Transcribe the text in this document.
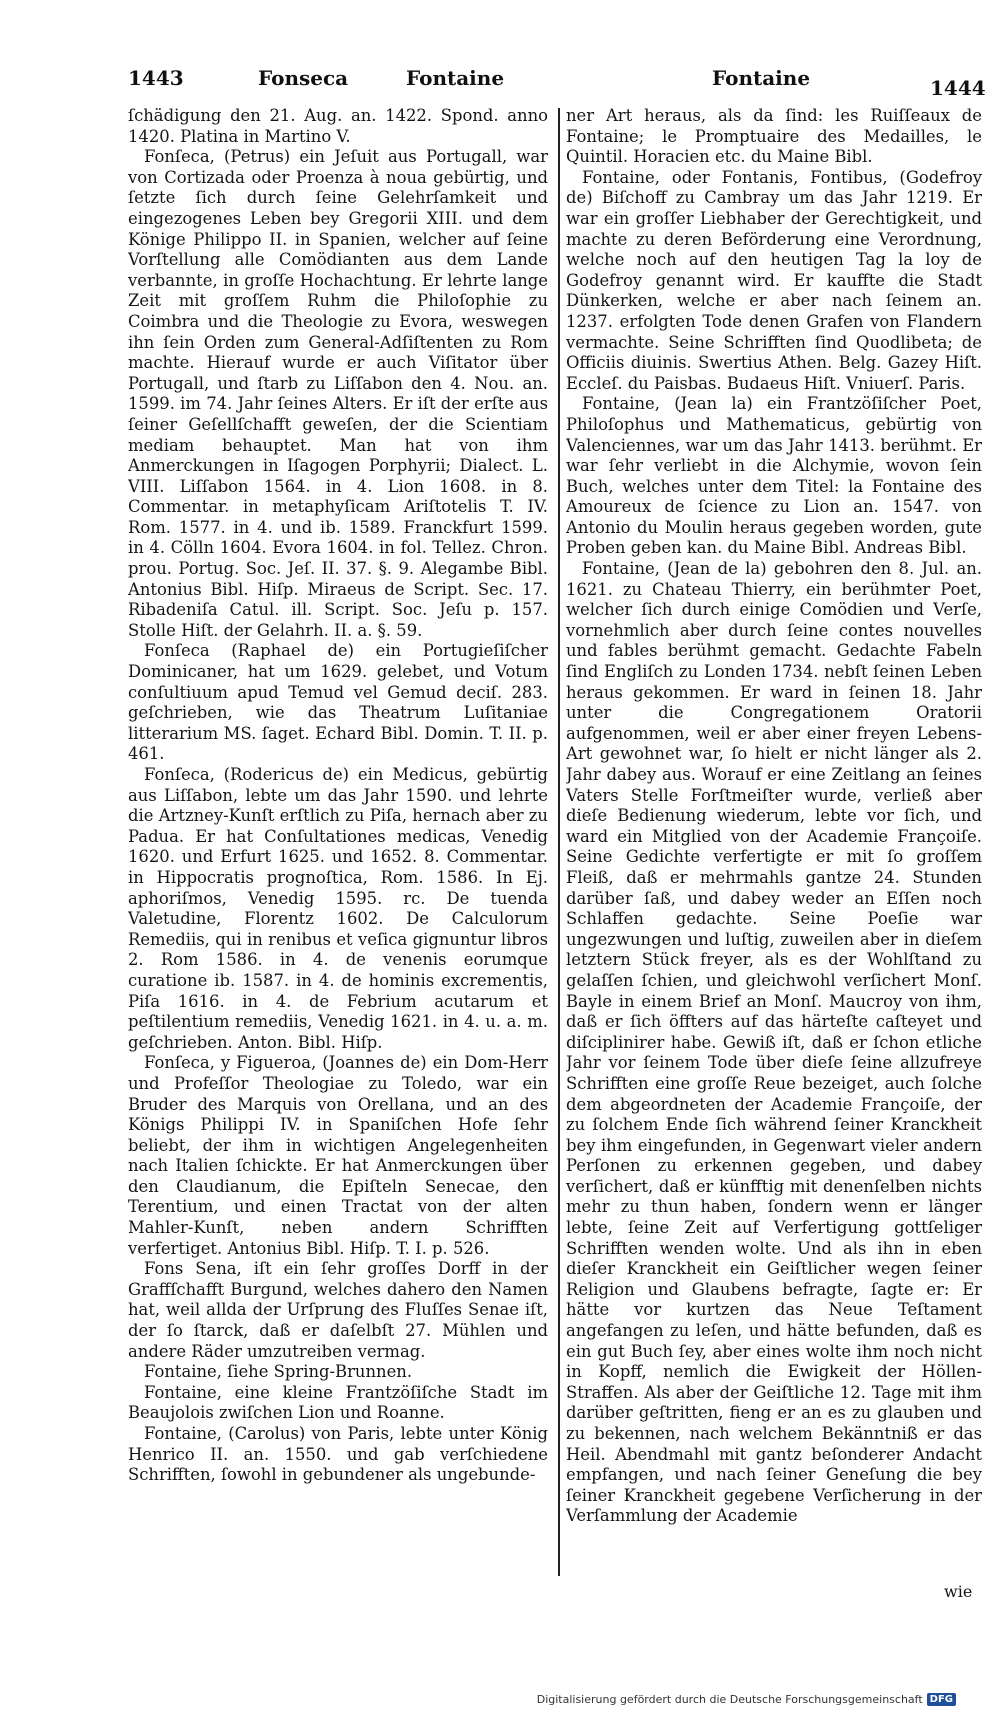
1443	Fonseca	Fontaine	Fontaine	1444

ſchädigung den 21. Aug. an. 1422. Spond. anno 1420. Platina in Martino V.

Fonſeca, (Petrus) ein Jeſuit aus Portugall, war von Cortizada oder Proenza à noua gebürtig, und ſetzte ſich durch ſeine Gelehrſamkeit und eingezogenes Leben bey Gregorii XIII. und dem Könige Philippo II. in Spanien, welcher auf ſeine Vorſtellung alle Comödianten aus dem Lande verbannte, in groſſe Hochachtung. Er lehrte lange Zeit mit groſſem Ruhm die Philoſophie zu Coimbra und die Theologie zu Evora, weswegen ihn ſein Orden zum General-Adſiſtenten zu Rom machte. Hierauf wurde er auch Viſitator über Portugall, und ſtarb zu Liſſabon den 4. Nou. an. 1599. im 74. Jahr ſeines Alters. Er iſt der erſte aus ſeiner Geſellſchafft geweſen, der die Scientiam mediam behauptet. Man hat von ihm Anmerckungen in Iſagogen Porphyrii; Dialect. L. VIII. Liſſabon 1564. in 4. Lion 1608. in 8. Commentar. in metaphyſicam Ariſtotelis T. IV. Rom. 1577. in 4. und ib. 1589. Franckfurt 1599. in 4. Cölln 1604. Evora 1604. in fol. Tellez. Chron. prou. Portug. Soc. Jeſ. II. 37. §. 9. Alegambe Bibl. Antonius Bibl. Hiſp. Miraeus de Script. Sec. 17. Ribadeniſa Catul. ill. Script. Soc. Jeſu p. 157. Stolle Hiſt. der Gelahrh. II. a. §. 59.

Fonſeca (Raphael de) ein Portugieſiſcher Dominicaner, hat um 1629. gelebet, und Votum conſultiuum apud Temud vel Gemud deciſ. 283. geſchrieben, wie das Theatrum Luſitaniae litterarium MS. ſaget. Echard Bibl. Domin. T. II. p. 461.

Fonſeca, (Rodericus de) ein Medicus, gebürtig aus Liſſabon, lebte um das Jahr 1590. und lehrte die Artzney-Kunſt erſtlich zu Piſa, hernach aber zu Padua. Er hat Conſultationes medicas, Venedig 1620. und Erfurt 1625. und 1652. 8. Commentar. in Hippocratis prognoſtica, Rom. 1586. In Ej. aphoriſmos, Venedig 1595. rc. De tuenda Valetudine, Florentz 1602. De Calculorum Remediis, qui in renibus et veſica gignuntur libros 2. Rom 1586. in 4. de venenis eorumque curatione ib. 1587. in 4. de hominis excrementis, Piſa 1616. in 4. de Febrium acutarum et peſtilentium remediis, Venedig 1621. in 4. u. a. m. geſchrieben. Anton. Bibl. Hiſp.

Fonſeca, y Figueroa, (Joannes de) ein Dom-Herr und Profeſſor Theologiae zu Toledo, war ein Bruder des Marquis von Orellana, und an des Königs Philippi IV. in Spaniſchen Hofe ſehr beliebt, der ihm in wichtigen Angelegenheiten nach Italien ſchickte. Er hat Anmerckungen über den Claudianum, die Epiſteln Senecae, den Terentium, und einen Tractat von der alten Mahler-Kunſt, neben andern Schrifften verfertiget. Antonius Bibl. Hiſp. T. I. p. 526.

Fons Sena, iſt ein ſehr groſſes Dorff in der Graffſchafft Burgund, welches dahero den Namen hat, weil allda der Urſprung des Fluſſes Senae iſt, der ſo ſtarck, daß er daſelbſt 27. Mühlen und andere Räder umzutreiben vermag.

Fontaine, ſiehe Spring-Brunnen.

Fontaine, eine kleine Frantzöſiſche Stadt im Beaujolois zwiſchen Lion und Roanne.

Fontaine, (Carolus) von Paris, lebte unter König Henrico II. an. 1550. und gab verſchiedene Schrifften, ſowohl in gebundener als ungebunde-

ner Art heraus, als da ſind: les Ruiſſeaux de Fontaine; le Promptuaire des Medailles, le Quintil. Horacien etc. du Maine Bibl.

Fontaine, oder Fontanis, Fontibus, (Godefroy de) Biſchoff zu Cambray um das Jahr 1219. Er war ein groſſer Liebhaber der Gerechtigkeit, und machte zu deren Beförderung eine Verordnung, welche noch auf den heutigen Tag la loy de Godefroy genannt wird. Er kauffte die Stadt Dünkerken, welche er aber nach ſeinem an. 1237. erfolgten Tode denen Grafen von Flandern vermachte. Seine Schrifften ſind Quodlibeta; de Officiis diuinis. Swertius Athen. Belg. Gazey Hiſt. Eccleſ. du Paisbas. Budaeus Hiſt. Vniuerſ. Paris.

Fontaine, (Jean la) ein Frantzöſiſcher Poet, Philoſophus und Mathematicus, gebürtig von Valenciennes, war um das Jahr 1413. berühmt. Er war ſehr verliebt in die Alchymie, wovon ſein Buch, welches unter dem Titel: la Fontaine des Amoureux de ſcience zu Lion an. 1547. von Antonio du Moulin heraus gegeben worden, gute Proben geben kan. du Maine Bibl. Andreas Bibl.

Fontaine, (Jean de la) gebohren den 8. Jul. an. 1621. zu Chateau Thierry, ein berühmter Poet, welcher ſich durch einige Comödien und Verſe, vornehmlich aber durch ſeine contes nouvelles und fables berühmt gemacht. Gedachte Fabeln ſind Engliſch zu Londen 1734. nebſt ſeinen Leben heraus gekommen. Er ward in ſeinen 18. Jahr unter die Congregationem Oratorii aufgenommen, weil er aber einer freyen Lebens-Art gewohnet war, ſo hielt er nicht länger als 2. Jahr dabey aus. Worauf er eine Zeitlang an ſeines Vaters Stelle Forſtmeiſter wurde, verließ aber dieſe Bedienung wiederum, lebte vor ſich, und ward ein Mitglied von der Academie Françoiſe. Seine Gedichte verfertigte er mit ſo groſſem Fleiß, daß er mehrmahls gantze 24. Stunden darüber ſaß, und dabey weder an Eſſen noch Schlaffen gedachte. Seine Poeſie war ungezwungen und luſtig, zuweilen aber in dieſem letztern Stück freyer, als es der Wohlſtand zu gelaſſen ſchien, und gleichwohl verſichert Monſ. Bayle in einem Brief an Monſ. Maucroy von ihm, daß er ſich öffters auf das härteſte caſteyet und diſciplinirer habe. Gewiß iſt, daß er ſchon etliche Jahr vor ſeinem Tode über dieſe ſeine allzufreye Schrifften eine groſſe Reue bezeiget, auch ſolche dem abgeordneten der Academie Françoiſe, der zu ſolchem Ende ſich während ſeiner Kranckheit bey ihm eingefunden, in Gegenwart vieler andern Perſonen zu erkennen gegeben, und dabey verſichert, daß er künfftig mit denenſelben nichts mehr zu thun haben, ſondern wenn er länger lebte, ſeine Zeit auf Verfertigung gottſeliger Schrifften wenden wolte. Und als ihn in eben dieſer Kranckheit ein Geiſtlicher wegen ſeiner Religion und Glaubens befragte, ſagte er: Er hätte vor kurtzen das Neue Teſtament angefangen zu leſen, und hätte befunden, daß es ein gut Buch ſey, aber eines wolte ihm noch nicht in Kopff, nemlich die Ewigkeit der Höllen-Straffen. Als aber der Geiſtliche 12. Tage mit ihm darüber geſtritten, fieng er an es zu glauben und zu bekennen, nach welchem Bekänntniß er das Heil. Abendmahl mit gantz beſonderer Andacht empfangen, und nach ſeiner Geneſung die bey ſeiner Kranckheit gegebene Verſicherung in der Verſammlung der Academie

wie
Digitalisierung gefördert durch die Deutsche Forschungsgemeinschaft DFG
